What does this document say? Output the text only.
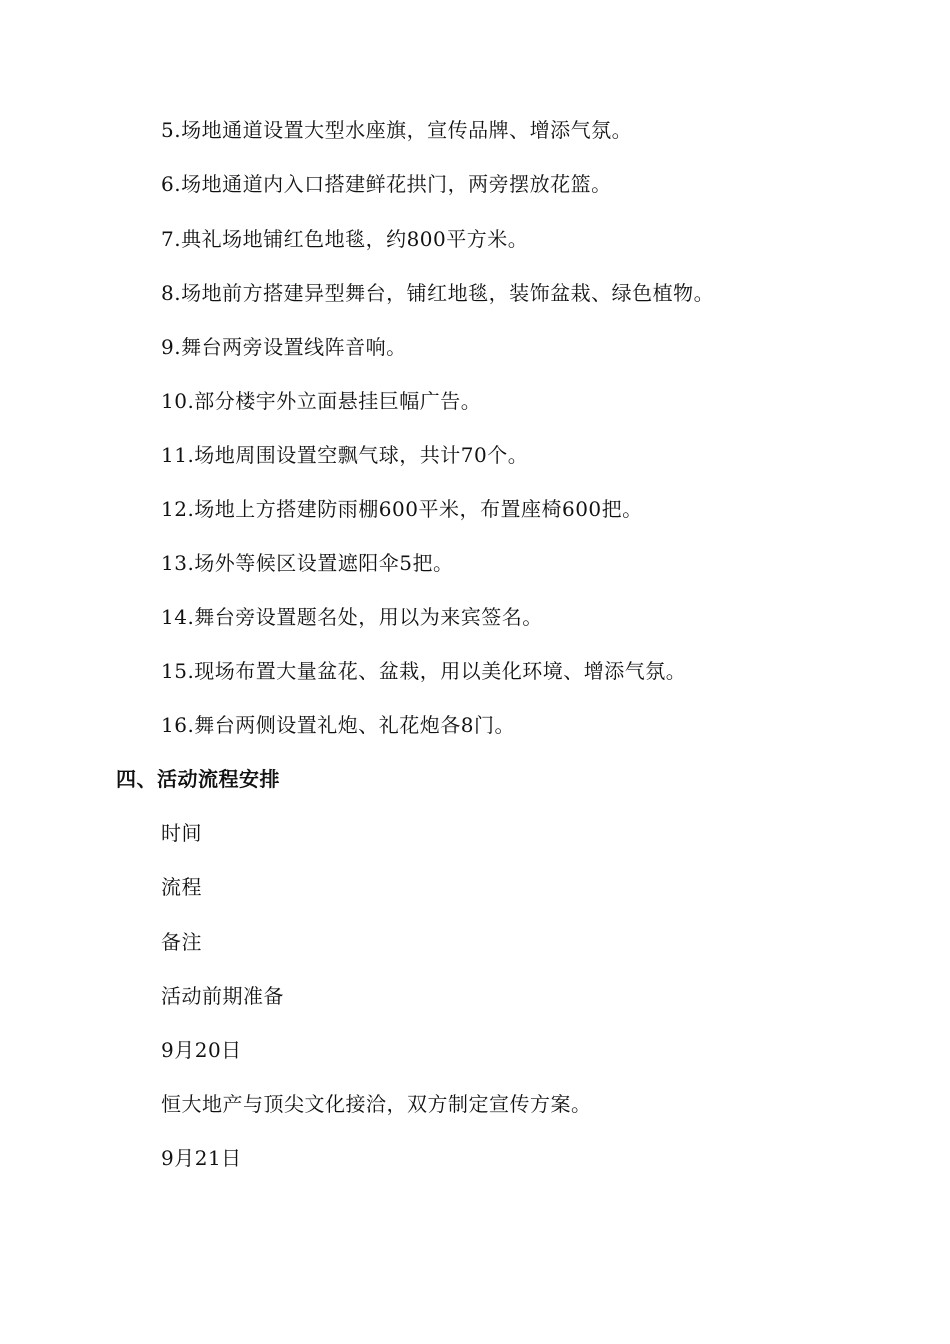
5.场地通道设置大型水座旗，宣传品牌、增添气氛。
6.场地通道内入口搭建鲜花拱门，两旁摆放花篮。
7.典礼场地铺红色地毯，约800平方米。
8.场地前方搭建异型舞台，铺红地毯，装饰盆栽、绿色植物。
9.舞台两旁设置线阵音响。
10.部分楼宇外立面悬挂巨幅广告。
11.场地周围设置空飘气球，共计70个。
12.场地上方搭建防雨棚600平米，布置座椅600把。
13.场外等候区设置遮阳伞5把。
14.舞台旁设置题名处，用以为来宾签名。
15.现场布置大量盆花、盆栽，用以美化环境、增添气氛。
16.舞台两侧设置礼炮、礼花炮各8门。
四、活动流程安排
时间
流程
备注
活动前期准备
9月20日
恒大地产与顶尖文化接洽，双方制定宣传方案。
9月21日
